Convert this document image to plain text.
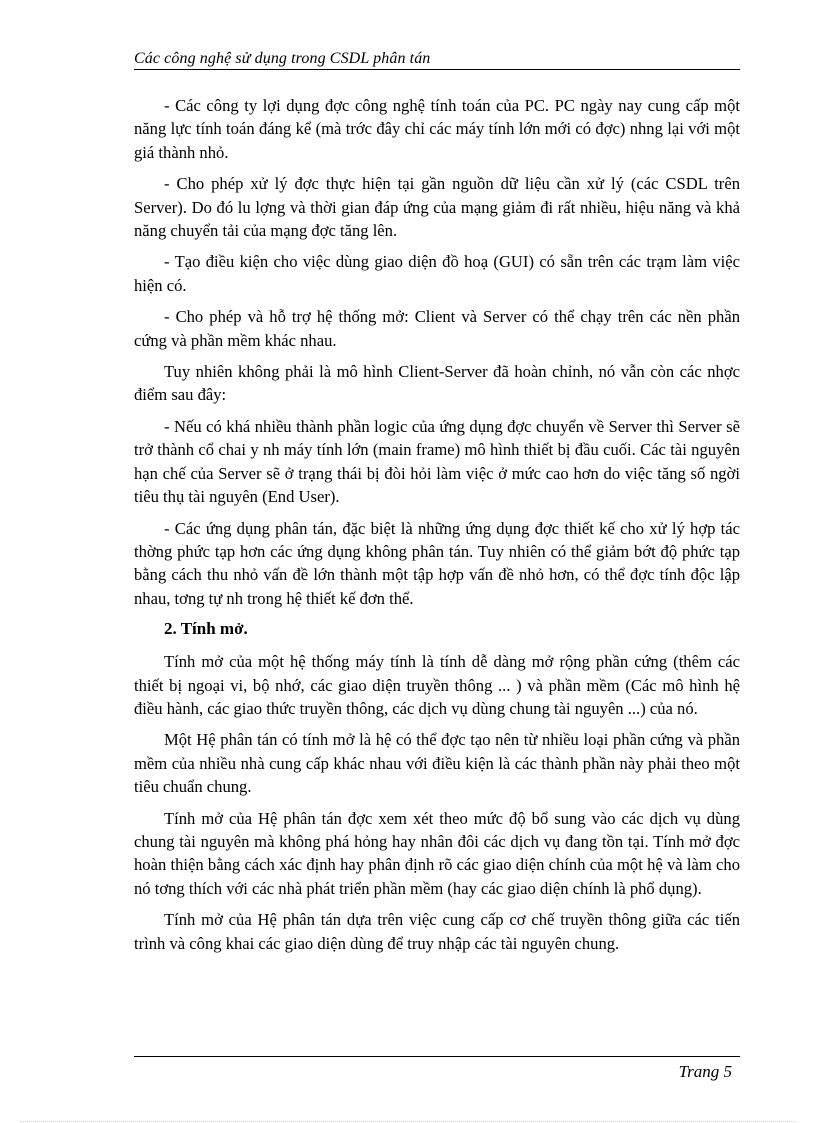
Các công nghệ sử dụng trong CSDL phân tán

- Các công ty lợi dụng đợc công nghệ tính toán của PC. PC ngày nay cung cấp một năng lực tính toán đáng kể (mà trớc đây chỉ các máy tính lớn mới có đợc) nhng lại với một giá thành nhỏ.

- Cho phép xử lý đợc thực hiện tại gần nguồn dữ liệu cần xử lý (các CSDL trên Server). Do đó lu lợng và thời gian đáp ứng của mạng giảm đi rất nhiều, hiệu năng và khả năng chuyển tải của mạng đợc tăng lên.

- Tạo điều kiện cho việc dùng giao diện đồ hoạ (GUI) có sẵn trên các trạm làm việc hiện có.

- Cho phép và hỗ trợ hệ thống mở: Client và Server có thể chạy trên các nền phần cứng và phần mềm khác nhau.

Tuy nhiên không phải là mô hình Client-Server đã hoàn chỉnh, nó vẫn còn các nhợc điểm sau đây:

- Nếu có khá nhiều thành phần logic của ứng dụng đợc chuyển về Server thì Server sẽ trở thành cổ chai y nh máy tính lớn (main frame) mô hình thiết bị đầu cuối. Các tài nguyên hạn chế của Server sẽ ở trạng thái bị đòi hỏi làm việc ở mức cao hơn do việc tăng số ngời tiêu thụ tài nguyên (End User).

- Các ứng dụng phân tán, đặc biệt là những ứng dụng đợc thiết kế cho xử lý hợp tác thờng phức tạp hơn các ứng dụng không phân tán. Tuy nhiên có thể giảm bớt độ phức tạp bằng cách thu nhỏ vấn đề lớn thành một tập hợp vấn đề nhỏ hơn, có thể đợc tính độc lập nhau, tơng tự nh trong hệ thiết kế đơn thể.

2. Tính mở.

Tính mở của một hệ thống máy tính là tính dễ dàng mở rộng phần cứng (thêm các thiết bị ngoại vi, bộ nhớ, các giao diện truyền thông ... ) và phần mềm (Các mô hình hệ điều hành, các giao thức truyền thông, các dịch vụ dùng chung tài nguyên ...) của nó.

Một Hệ phân tán có tính mở là hệ có thể đợc tạo nên từ nhiều loại phần cứng và phần mềm của nhiều nhà cung cấp khác nhau với điều kiện là các thành phần này phải theo một tiêu chuẩn chung.

Tính mở của Hệ phân tán đợc xem xét theo mức độ bổ sung vào các dịch vụ dùng chung tài nguyên mà không phá hỏng hay nhân đôi các dịch vụ đang tồn tại. Tính mở đợc hoàn thiện bằng cách xác định hay phân định rõ các giao diện chính của một hệ và làm cho nó tơng thích với các nhà phát triển phần mềm (hay các giao diện chính là phổ dụng).

Tính mở của Hệ phân tán dựa trên việc cung cấp cơ chế truyền thông giữa các tiến trình và công khai các giao diện dùng để truy nhập các tài nguyên chung.

Trang 5
